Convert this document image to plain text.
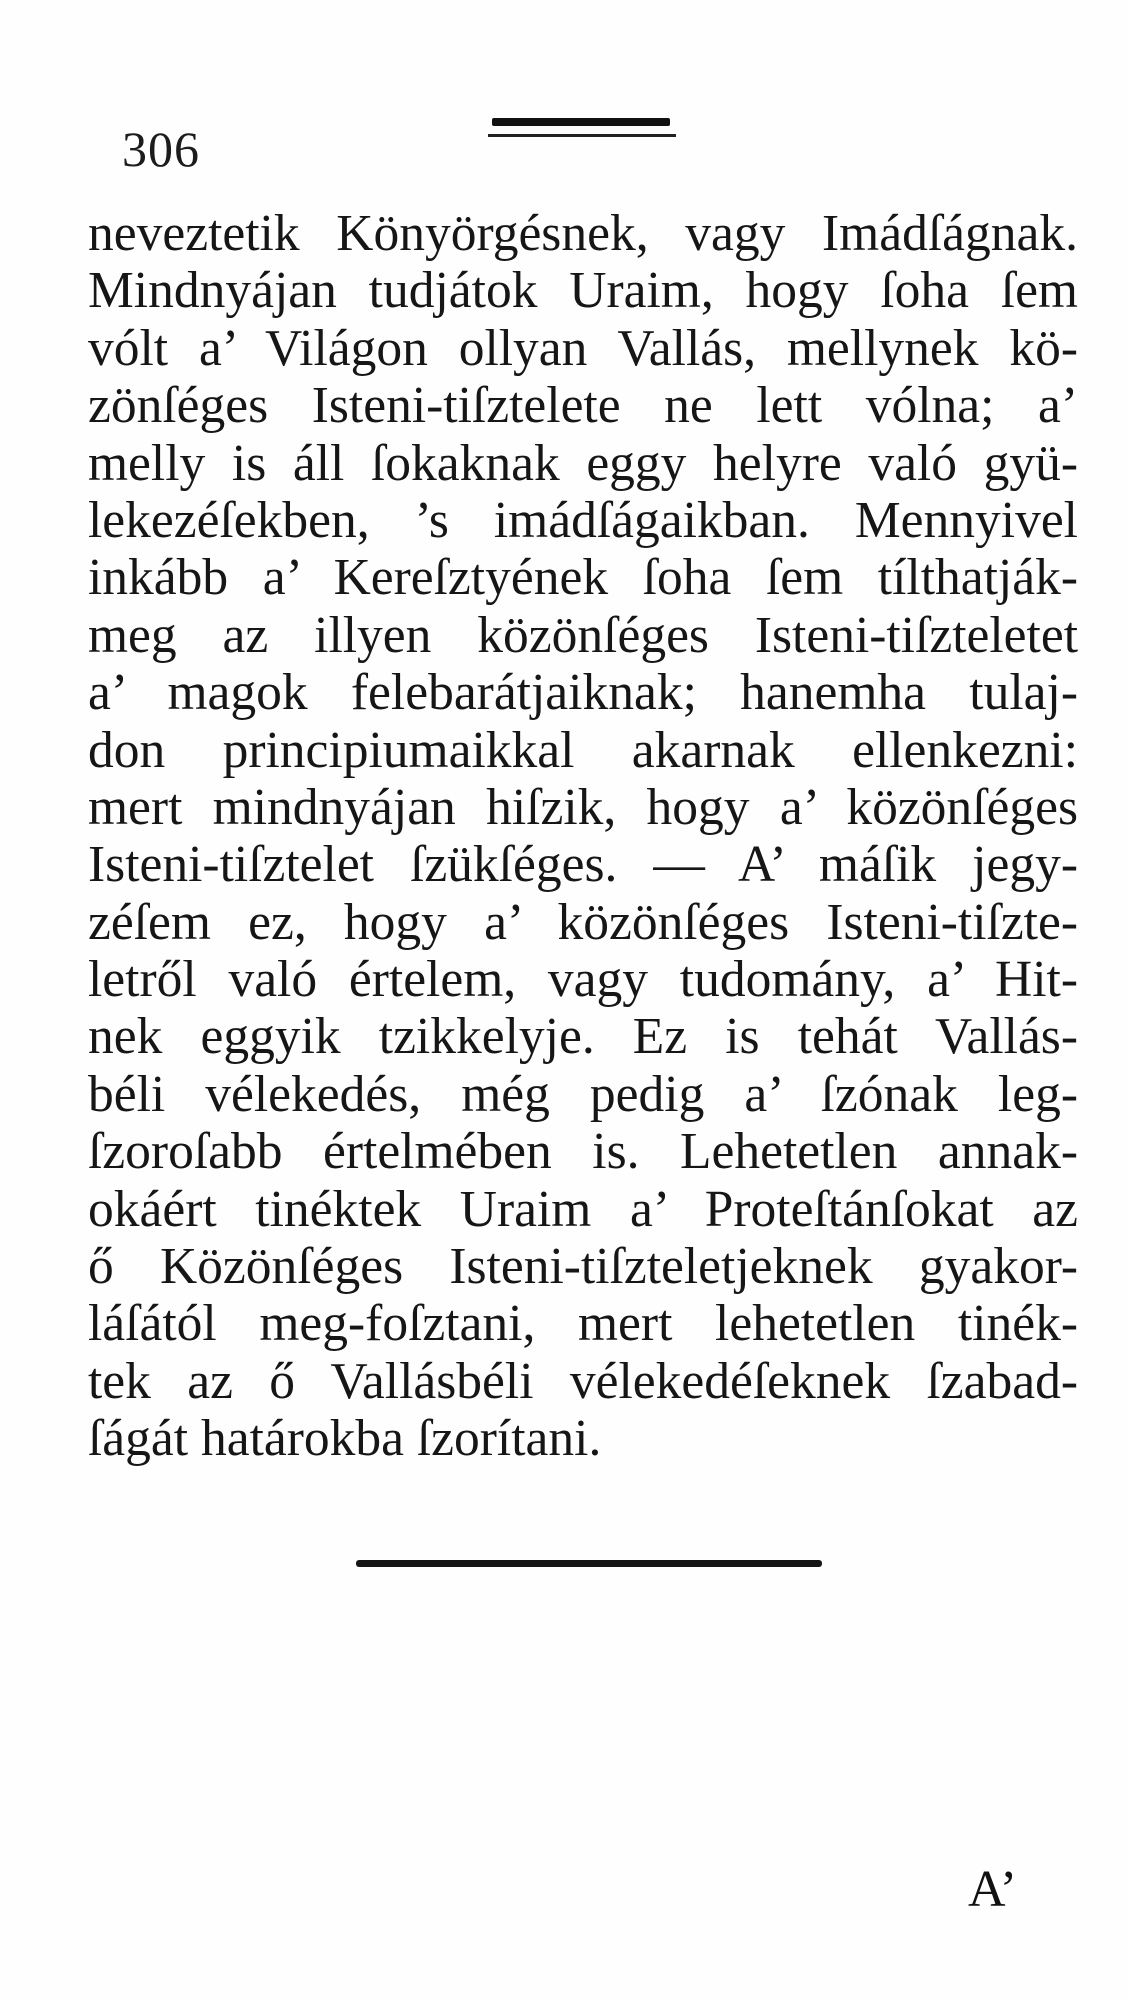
306
neveztetik Könyörgésnek, vagy Imádſágnak.
Mindnyájan tudjátok Uraim, hogy ſoha ſem
vólt a’ Világon ollyan Vallás, mellynek kö-
zönſéges Isteni-tiſztelete ne lett vólna; a’
melly is áll ſokaknak eggy helyre való gyü-
lekezéſekben, ’s imádſágaikban. Mennyivel
inkább a’ Kereſztyének ſoha ſem tílthatják-
meg az illyen közönſéges Isteni-tiſzteletet
a’ magok felebarátjaiknak; hanemha tulaj-
don principiumaikkal akarnak ellenkezni:
mert mindnyájan hiſzik, hogy a’ közönſéges
Isteni-tiſztelet ſzükſéges. — A’ máſik jegy-
zéſem ez, hogy a’ közönſéges Isteni-tiſzte-
letről való értelem, vagy tudomány, a’ Hit-
nek eggyik tzikkelyje. Ez is tehát Vallás-
béli vélekedés, még pedig a’ ſzónak leg-
ſzoroſabb értelmében is. Lehetetlen annak-
okáért tinéktek Uraim a’ Proteſtánſokat az
ő Közönſéges Isteni-tiſzteletjeknek gyakor-
láſától meg-foſztani, mert lehetetlen tinék-
tek az ő Vallásbéli vélekedéſeknek ſzabad-
ſágát határokba ſzorítani.
A’
